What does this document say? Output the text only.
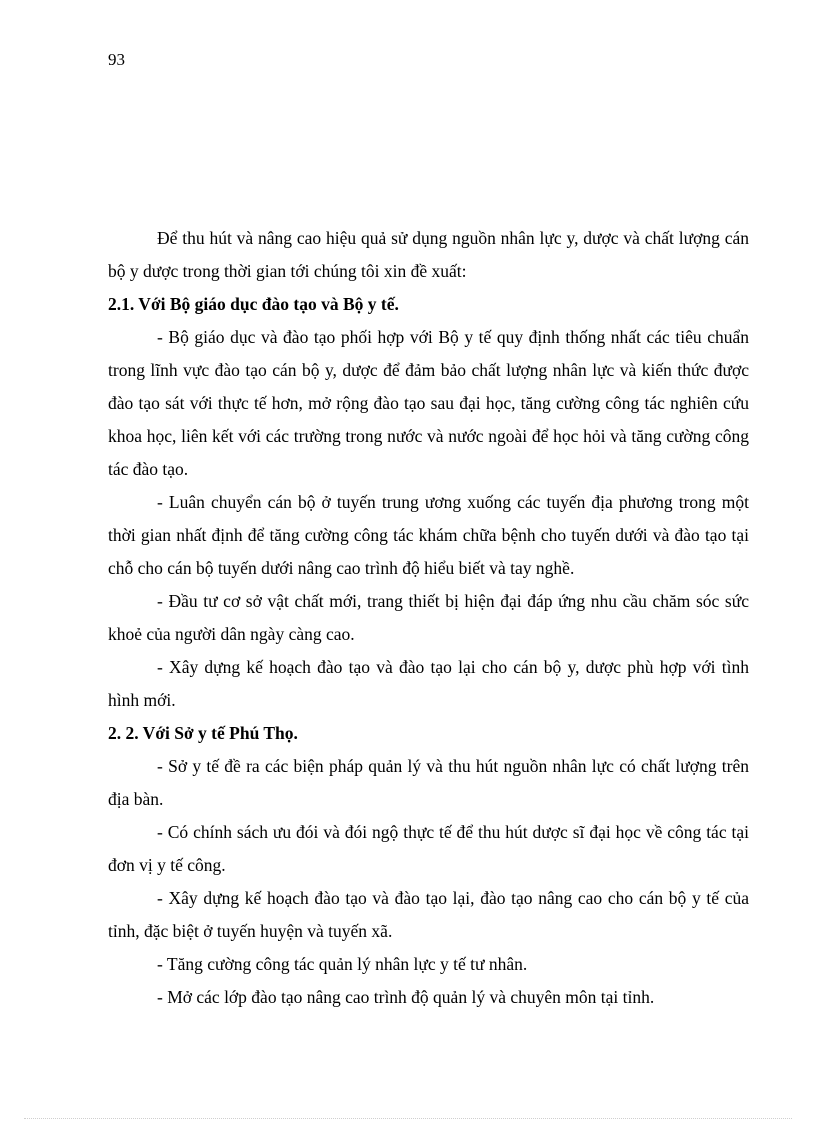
93

Để thu hút và nâng cao hiệu quả sử dụng nguồn nhân lực y, dược và chất lượng cán bộ y dược trong thời gian tới chúng tôi xin đề xuất:

2.1. Với Bộ giáo dục đào tạo và Bộ y tế.

- Bộ giáo dục và đào tạo phối hợp với Bộ y tế quy định thống nhất các tiêu chuẩn trong lĩnh vực đào tạo cán bộ y, dược để đảm bảo chất lượng nhân lực và kiến thức được đào tạo sát với thực tế hơn, mở rộng đào tạo sau đại học, tăng cường công tác nghiên cứu khoa học, liên kết với các trường trong nước và nước ngoài để học hỏi và tăng cường công tác đào tạo.

- Luân chuyển cán bộ ở tuyến trung ương xuống các tuyến địa phương trong một thời gian nhất định để tăng cường công tác khám chữa bệnh cho tuyến dưới và đào tạo tại chỗ cho cán bộ tuyến dưới nâng cao trình độ hiểu biết và tay nghề.

- Đầu tư cơ sở vật chất mới, trang thiết bị hiện đại đáp ứng nhu cầu chăm sóc sức khoẻ của người dân ngày càng cao.

- Xây dựng kế hoạch đào tạo và đào tạo lại cho cán bộ y, dược phù hợp với tình hình mới.

2. 2. Với Sở y tế Phú Thọ.

- Sở y tế đề ra các biện pháp quản lý và thu hút nguồn nhân lực có chất lượng trên địa bàn.

- Có chính sách ưu đói và đói ngộ thực tế để thu hút dược sĩ đại học về công tác tại đơn vị y tế công.

- Xây dựng kế hoạch đào tạo và đào tạo lại, đào tạo nâng cao cho cán bộ y tế của tỉnh, đặc biệt ở tuyến huyện và tuyến xã.

- Tăng cường công tác quản lý nhân lực y tế tư nhân.

- Mở các lớp đào tạo nâng cao trình độ quản lý và chuyên môn tại tỉnh.
